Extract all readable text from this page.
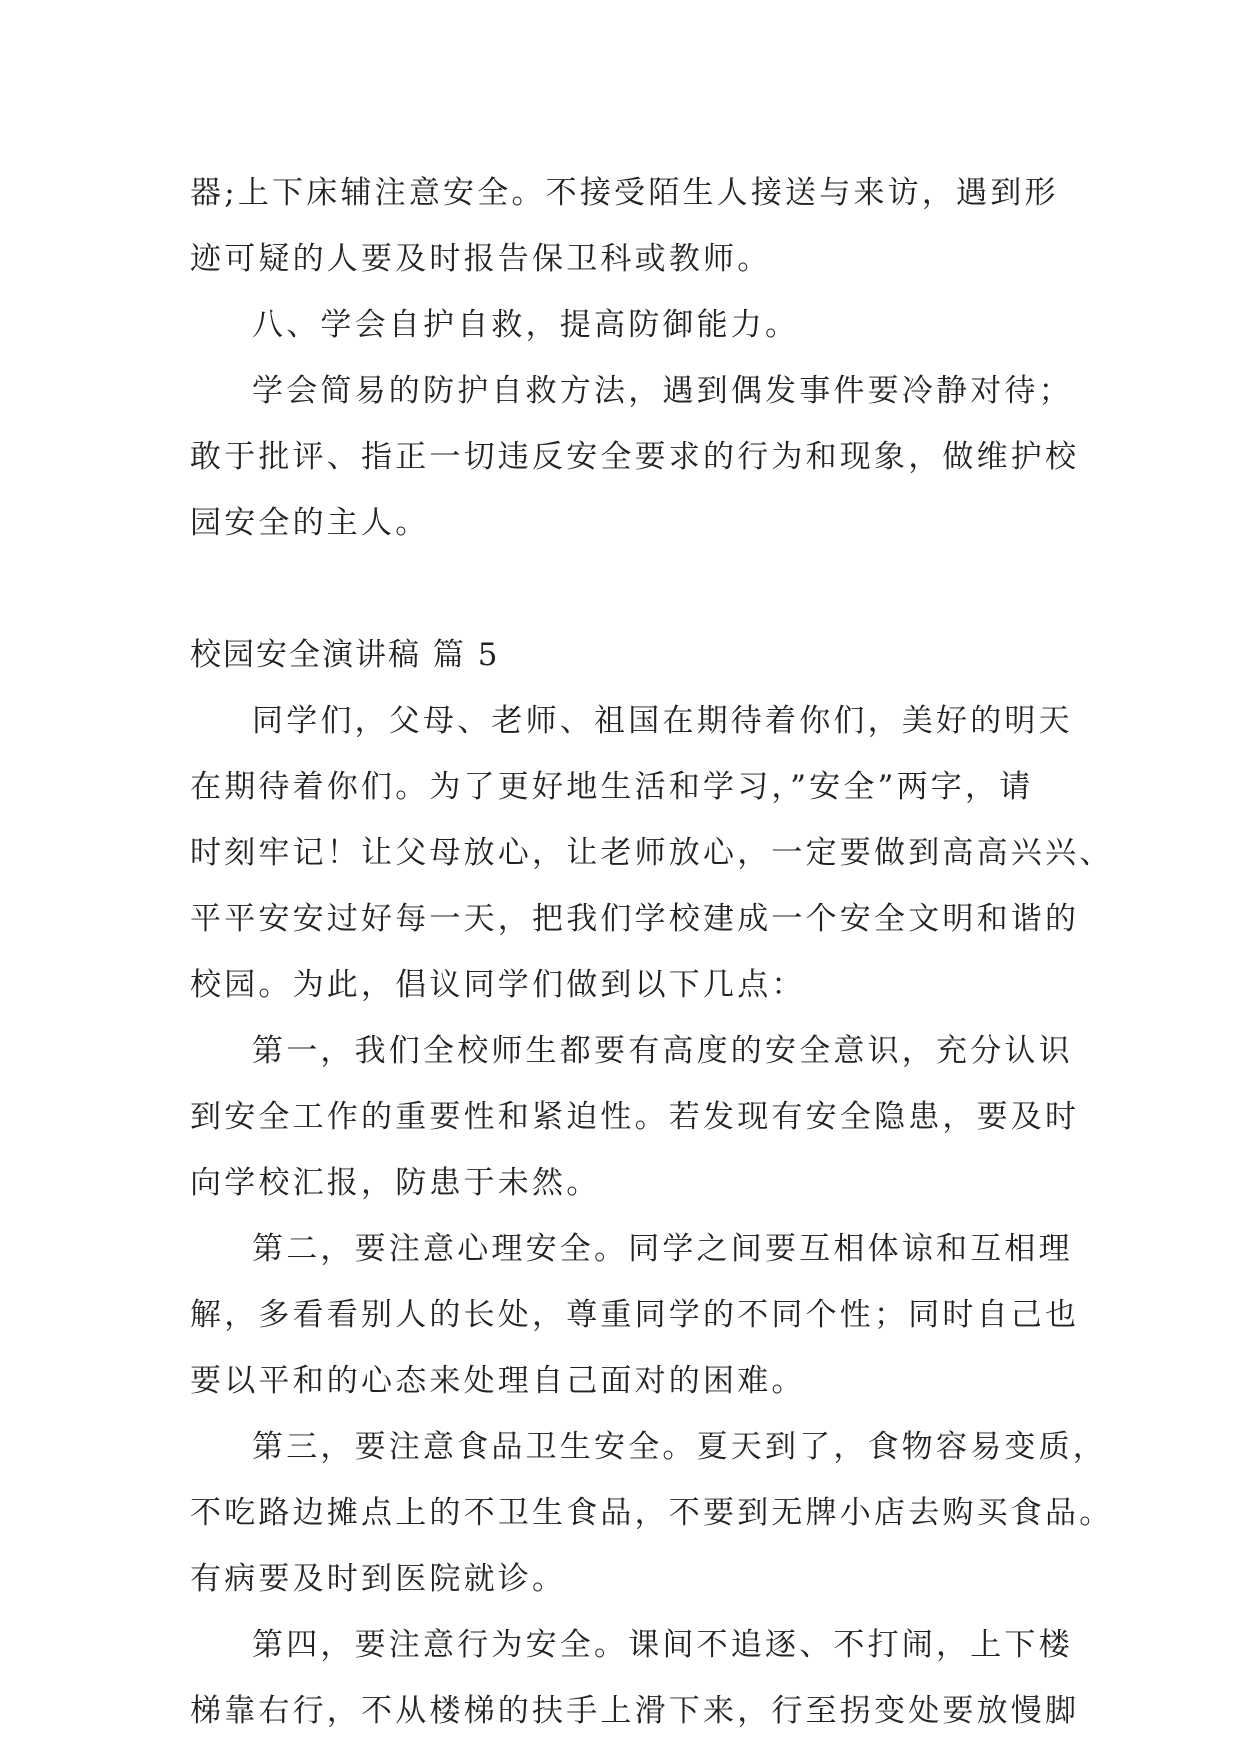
器;上下床辅注意安全。不接受陌生人接送与来访，遇到形
迹可疑的人要及时报告保卫科或教师。

八、学会自护自救，提高防御能力。

学会简易的防护自救方法，遇到偶发事件要冷静对待；
敢于批评、指正一切违反安全要求的行为和现象，做维护校
园安全的主人。

校园安全演讲稿 篇 5

同学们，父母、老师、祖国在期待着你们，美好的明天
在期待着你们。为了更好地生活和学习，”安全”两字，请
时刻牢记！让父母放心，让老师放心，一定要做到高高兴兴、
平平安安过好每一天，把我们学校建成一个安全文明和谐的
校园。为此，倡议同学们做到以下几点：
第一，我们全校师生都要有高度的安全意识，充分认识
到安全工作的重要性和紧迫性。若发现有安全隐患，要及时
向学校汇报，防患于未然。
第二，要注意心理安全。同学之间要互相体谅和互相理
解，多看看别人的长处，尊重同学的不同个性；同时自己也
要以平和的心态来处理自己面对的困难。
第三，要注意食品卫生安全。夏天到了，食物容易变质，
不吃路边摊点上的不卫生食品，不要到无牌小店去购买食品。
有病要及时到医院就诊。
第四，要注意行为安全。课间不追逐、不打闹，上下楼
梯靠右行，不从楼梯的扶手上滑下来，行至拐变处要放慢脚
